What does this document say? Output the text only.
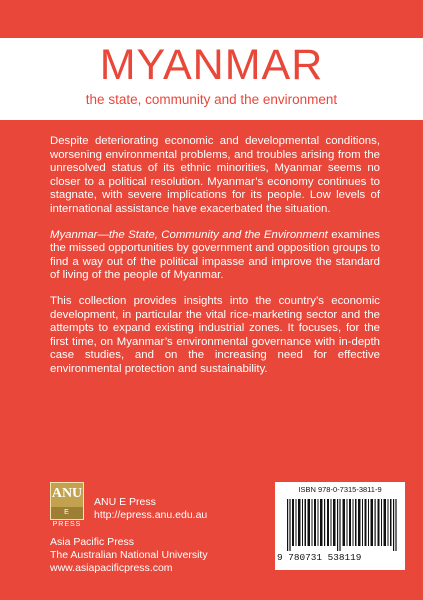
MYANMAR
the state, community and the environment

Despite deteriorating economic and developmental conditions, worsening environmental problems, and troubles arising from the unresolved status of its ethnic minorities, Myanmar seems no closer to a political resolution. Myanmar’s economy continues to stagnate, with severe implications for its people. Low levels of international assistance have exacerbated the situation.

Myanmar—the State, Community and the Environment examines the missed opportunities by government and opposition groups to find a way out of the political impasse and improve the standard of living of the people of Myanmar.

This collection provides insights into the country’s economic development, in particular the vital rice-marketing sector and the attempts to expand existing industrial zones. It focuses, for the first time, on Myanmar’s environmental governance with in-depth case studies, and on the increasing need for effective environmental protection and sustainability.

ANU
E PRESS
ANU E Press
http://epress.anu.edu.au
Asia Pacific Press
The Australian National University
www.asiapacificpress.com
ISBN 978-0-7315-3811-9
9 780731 538119
